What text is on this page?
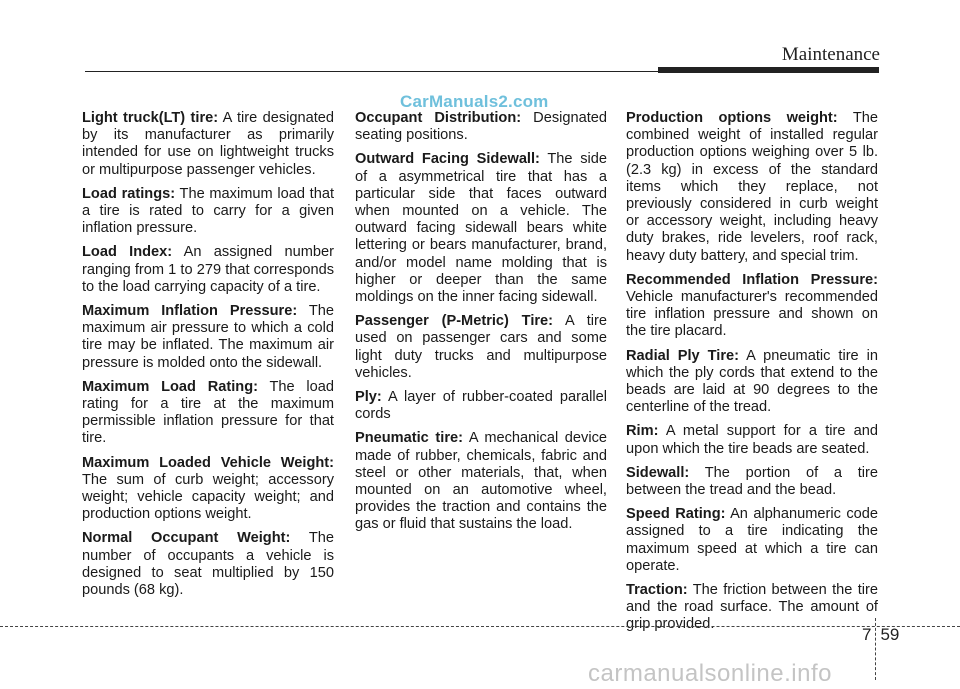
Maintenance
CarManuals2.com

Light truck(LT) tire: A tire designated by its manufacturer as primarily intended for use on lightweight trucks or multipurpose passenger vehicles.

Load ratings: The maximum load that a tire is rated to carry for a given inflation pressure.

Load Index: An assigned number ranging from 1 to 279 that corresponds to the load carrying capacity of a tire.

Maximum Inflation Pressure: The maximum air pressure to which a cold tire may be inflated. The maximum air pressure is molded onto the sidewall.

Maximum Load Rating: The load rating for a tire at the maximum permissible inflation pressure for that tire.

Maximum Loaded Vehicle Weight: The sum of curb weight; accessory weight; vehicle capacity weight; and production options weight.

Normal Occupant Weight: The number of occupants a vehicle is designed to seat multiplied by 150 pounds (68 kg).

Occupant Distribution: Designated seating positions.

Outward Facing Sidewall: The side of a asymmetrical tire that has a particular side that faces outward when mounted on a vehicle. The outward facing sidewall bears white lettering or bears manufacturer, brand, and/or model name molding that is higher or deeper than the same moldings on the inner facing sidewall.

Passenger (P-Metric) Tire: A tire used on passenger cars and some light duty trucks and multipurpose vehicles.

Ply: A layer of rubber-coated parallel cords

Pneumatic tire: A mechanical device made of rubber, chemicals, fabric and steel or other materials, that, when mounted on an automotive wheel, provides the traction and contains the gas or fluid that sustains the load.

Production options weight: The combined weight of installed regular production options weighing over 5 lb. (2.3 kg) in excess of the standard items which they replace, not previously considered in curb weight or accessory weight, including heavy duty brakes, ride levelers, roof rack, heavy duty battery, and special trim.

Recommended Inflation Pressure: Vehicle manufacturer's recommended tire inflation pressure and shown on the tire placard.

Radial Ply Tire: A pneumatic tire in which the ply cords that extend to the beads are laid at 90 degrees to the centerline of the tread.

Rim: A metal support for a tire and upon which the tire beads are seated.

Sidewall: The portion of a tire between the tread and the bead.

Speed Rating: An alphanumeric code assigned to a tire indicating the maximum speed at which a tire can operate.

Traction: The friction between the tire and the road surface. The amount of grip provided.

7 59
carmanualsonline.info
